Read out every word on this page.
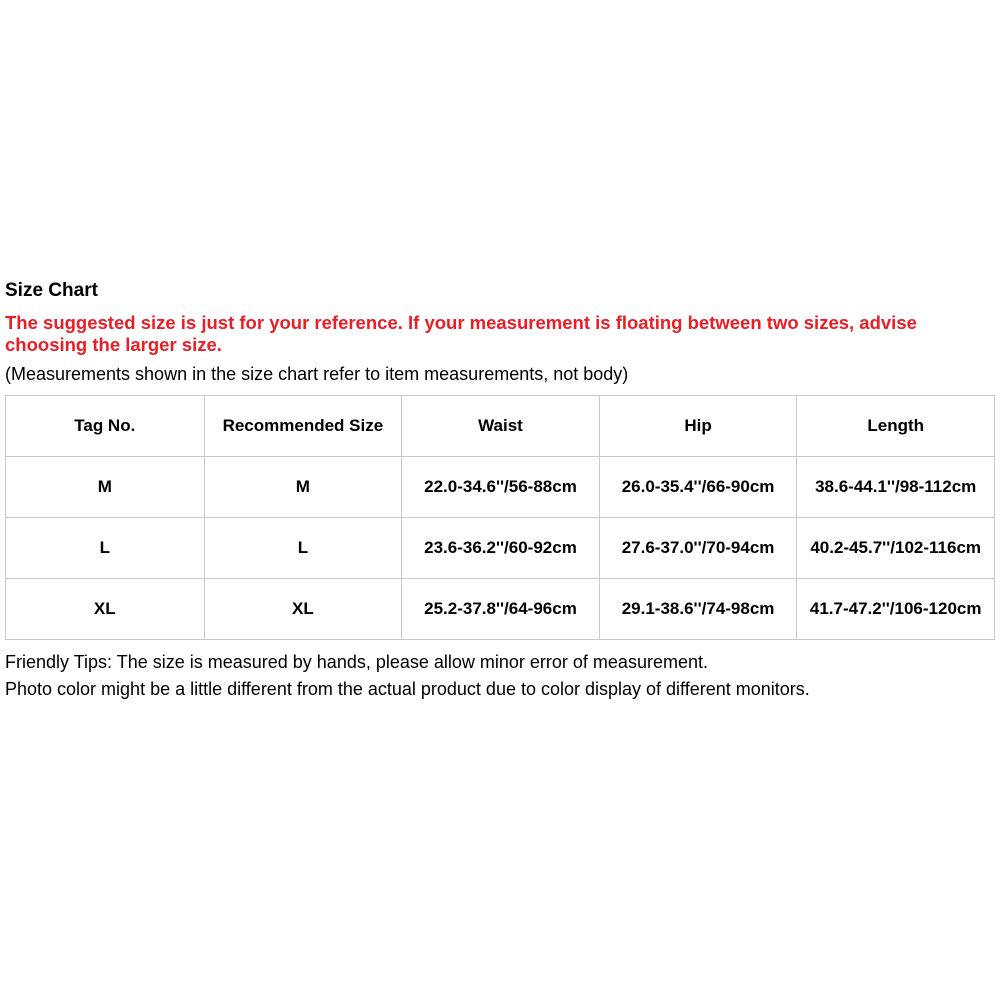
Size Chart

The suggested size is just for your reference. If your measurement is floating between two sizes, advise choosing the larger size.

(Measurements shown in the size chart refer to item measurements, not body)

Tag No.	Recommended Size	Waist	Hip	Length
M	M	22.0-34.6''/56-88cm	26.0-35.4''/66-90cm	38.6-44.1''/98-112cm
L	L	23.6-36.2''/60-92cm	27.6-37.0''/70-94cm	40.2-45.7''/102-116cm
XL	XL	25.2-37.8''/64-96cm	29.1-38.6''/74-98cm	41.7-47.2''/106-120cm

Friendly Tips: The size is measured by hands, please allow minor error of measurement.

Photo color might be a little different from the actual product due to color display of different monitors.
